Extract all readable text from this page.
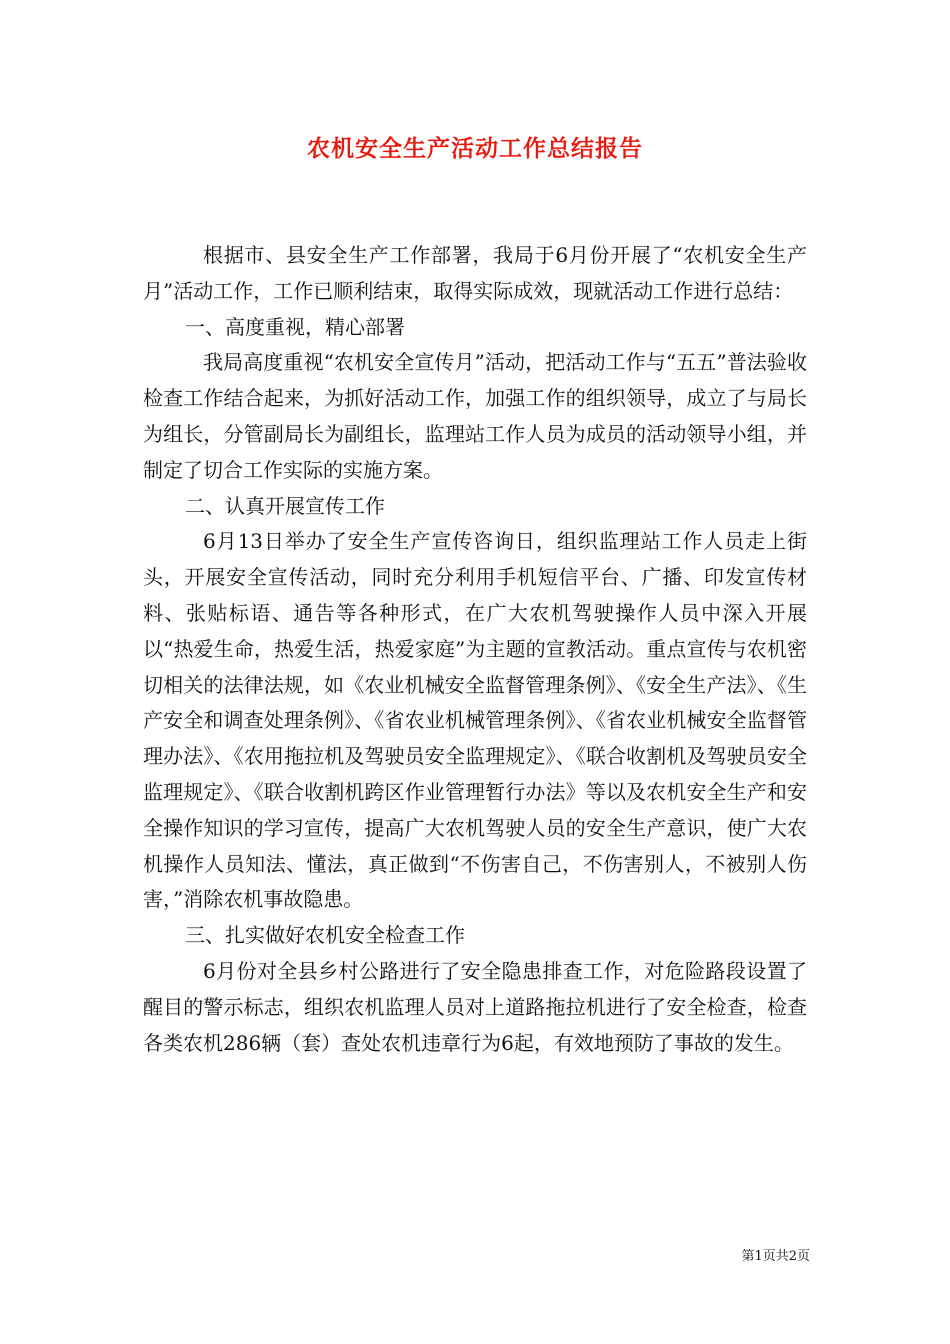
农机安全生产活动工作总结报告

根据市、县安全生产工作部署，我局于6月份开展了“农机安全生产月”活动工作，工作已顺利结束，取得实际成效，现就活动工作进行总结：

一、高度重视，精心部署

我局高度重视“农机安全宣传月”活动，把活动工作与“五五”普法验收检查工作结合起来，为抓好活动工作，加强工作的组织领导，成立了与局长为组长，分管副局长为副组长，监理站工作人员为成员的活动领导小组，并制定了切合工作实际的实施方案。

二、认真开展宣传工作

6月13日举办了安全生产宣传咨询日，组织监理站工作人员走上街头，开展安全宣传活动，同时充分利用手机短信平台、广播、印发宣传材料、张贴标语、通告等各种形式，在广大农机驾驶操作人员中深入开展以“热爱生命，热爱生活，热爱家庭”为主题的宣教活动。重点宣传与农机密切相关的法律法规，如《农业机械安全监督管理条例》、《安全生产法》、《生产安全和调查处理条例》、《省农业机械管理条例》、《省农业机械安全监督管理办法》、《农用拖拉机及驾驶员安全监理规定》、《联合收割机及驾驶员安全监理规定》、《联合收割机跨区作业管理暂行办法》等以及农机安全生产和安全操作知识的学习宣传，提高广大农机驾驶人员的安全生产意识，使广大农机操作人员知法、懂法，真正做到“不伤害自己，不伤害别人，不被别人伤害，”消除农机事故隐患。

三、扎实做好农机安全检查工作

6月份对全县乡村公路进行了安全隐患排查工作，对危险路段设置了醒目的警示标志，组织农机监理人员对上道路拖拉机进行了安全检查，检查各类农机286辆（套）查处农机违章行为6起，有效地预防了事故的发生。

第1页共2页
